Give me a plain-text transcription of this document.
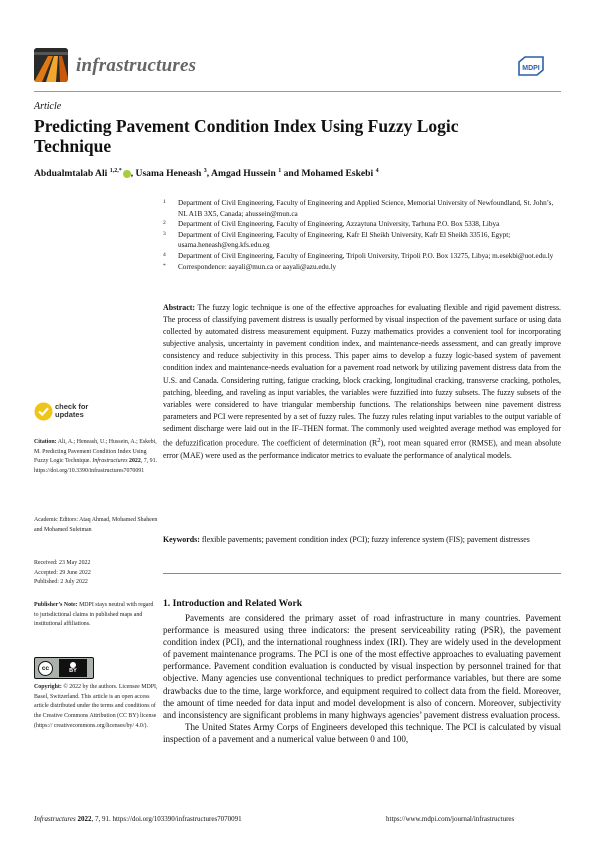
infrastructures	MDPI
Article
Predicting Pavement Condition Index Using Fuzzy Logic Technique
Abdualmtalab Ali $^{1,2,*}$ , Usama Heneash $^3$, Amgad Hussein $^1$ and Mohamed Eskebi $^4$
1 Department of Civil Engineering, Faculty of Engineering and Applied Science, Memorial University of Newfoundland, St. John’s, NL A1B 3X5, Canada; ahussein@mun.ca
2 Department of Civil Engineering, Faculty of Engineering, Azzaytuna University, Tarhuna P.O. Box 5338, Libya
3 Department of Civil Engineering, Faculty of Engineering, Kafr El Sheikh University, Kafr El Sheikh 33516, Egypt; usama.heneash@eng.kfs.edu.eg
4 Department of Civil Engineering, Faculty of Engineering, Tripoli University, Tripoli P.O. Box 13275, Libya; m.esekbi@uot.edu.ly
* Correspondence: aayali@mun.ca or aayali@azu.edu.ly
Abstract: The fuzzy logic technique is one of the effective approaches for evaluating flexible and rigid pavement distress. The process of classifying pavement distress is usually performed by visual inspection of the pavement surface or using data collected by automated distress measurement equipment. Fuzzy mathematics provides a convenient tool for incorporating subjective analysis, uncertainty in pavement condition index, and maintenance-needs assessment, and can greatly improve consistency and reduce subjectivity in this process. This paper aims to develop a fuzzy logic-based system of pavement condition index and maintenance-needs evaluation for a pavement road network by utilizing pavement distress data from the U.S. and Canada. Considering rutting, fatigue cracking, block cracking, longitudinal cracking, transverse cracking, potholes, patching, bleeding, and raveling as input variables, the variables were fuzzified into fuzzy subsets. The fuzzy subsets of the variables were considered to have triangular membership functions. The relationships between nine pavement distress parameters and PCI were represented by a set of fuzzy rules. The fuzzy rules relating input variables to the output variable of sediment discharge were laid out in the IF–THEN format. The commonly used weighted average method was employed for the defuzzification procedure. The coefficient of determination $(R^2)$, root mean squared error (RMSE), and mean absolute error (MAE) were used as the performance indicator metrics to evaluate the performance of analytical models.
Keywords: flexible pavements; pavement condition index (PCI); fuzzy inference system (FIS); pavement distresses
check for
updates
Citation: Ali, A.; Heneash, U.; Hussein, A.; Eskebi, M. Predicting Pavement Condition Index Using Fuzzy Logic Technique. Infrastructures 2022, 7, 91. https://doi.org/10.3390/infrastructures7070091
Academic Editors: Ataq Ahmad, Mohamed Shaheen and Mohamed Suleiman
Received: 23 May 2022
Accepted: 29 June 2022
Published: 2 July 2022
Publisher’s Note: MDPI stays neutral with regard to jurisdictional claims in published maps and institutional affiliations.
cc	BY
Copyright: © 2022 by the authors. Licensee MDPI, Basel, Switzerland. This article is an open access article distributed under the terms and conditions of the Creative Commons Attribution (CC BY) license (https:// creativecommons.org/licenses/by/ 4.0/).
1. Introduction and Related Work

Pavements are considered the primary asset of road infrastructure in many countries. Pavement performance is measured using three indicators: the present serviceability rating (PSR), the pavement condition index (PCI), and the international roughness index (IRI). They are widely used in the development of pavement maintenance programs. The PCI is one of the most effective approaches to evaluating pavement performance. Pavement condition evaluation is conducted by visual inspection by personnel trained for that objective. Many agencies use conventional techniques to predict performance variables, but there are some drawbacks due to the time, large workforce, and equipment required to collect data from the field. Moreover, the amount of time needed for data input and model development is also of concern. Moreover, subjectivity and inconsistency are significant problems in many highways agencies’ pavement distress evaluation process.

The United States Army Corps of Engineers developed this technique. The PCI is calculated by visual inspection of a pavement and a numerical value between 0 and 100,

Infrastructures 2022, 7, 91. https://doi.org/103390/infrastructures7070091	https://www.mdpi.com/journal/infrastructures
